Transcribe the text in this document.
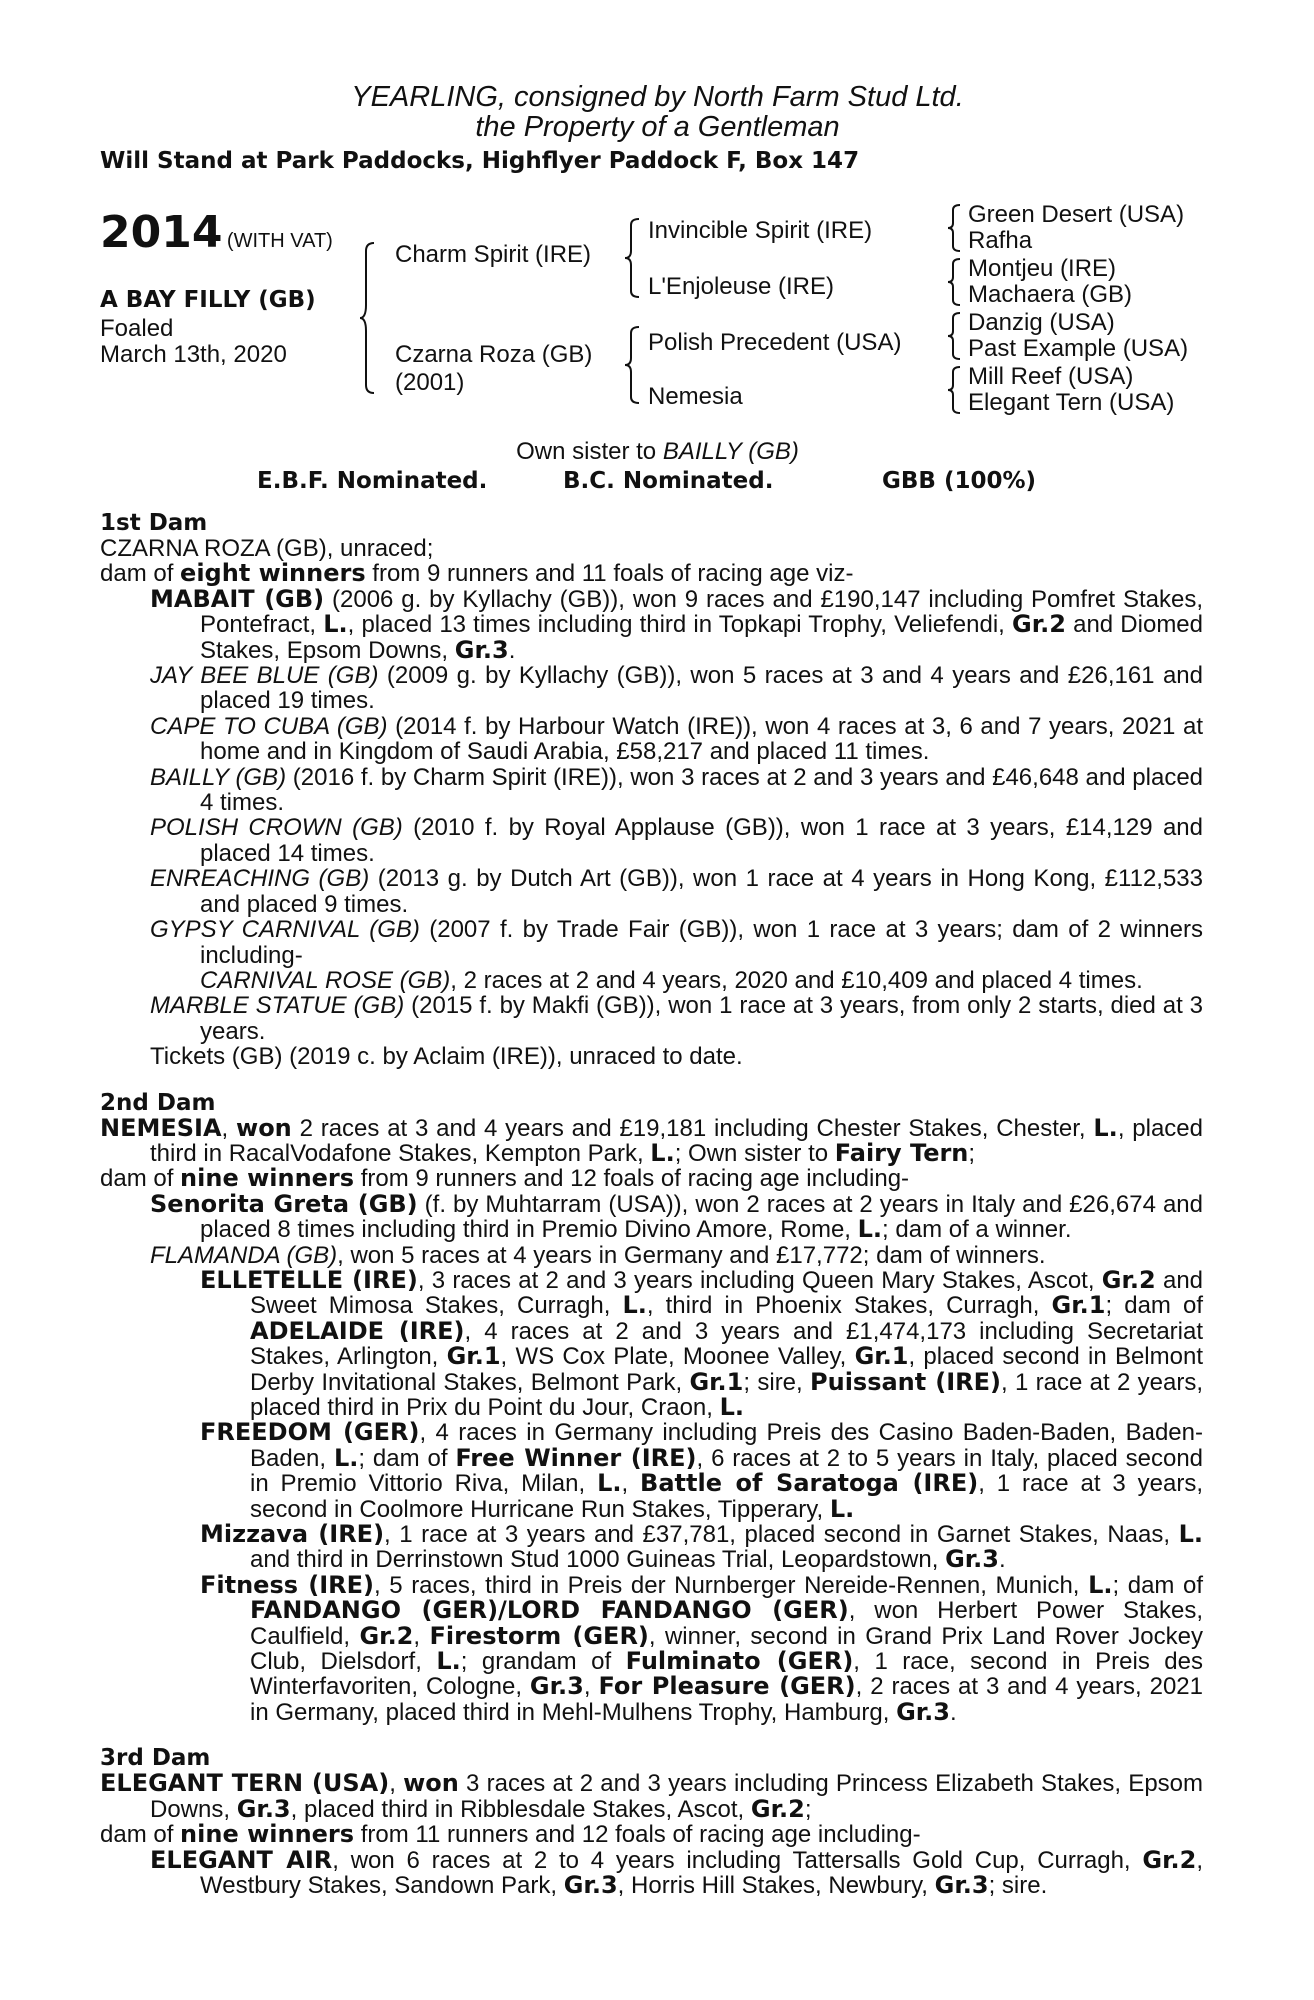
YEARLING, consigned by North Farm Stud Ltd.
the Property of a Gentleman
Will Stand at Park Paddocks, Highflyer Paddock F, Box 147
2014 (WITH VAT)
A BAY FILLY (GB)
Foaled
March 13th, 2020
Charm Spirit (IRE)
Czarna Roza (GB)
(2001)
Invincible Spirit (IRE)
L'Enjoleuse (IRE)
Polish Precedent (USA)
Nemesia
Green Desert (USA)
Rafha
Montjeu (IRE)
Machaera (GB)
Danzig (USA)
Past Example (USA)
Mill Reef (USA)
Elegant Tern (USA)
Own sister to BAILLY (GB)
E.B.F. Nominated.	B.C. Nominated.	GBB (100%)
1st Dam
CZARNA ROZA (GB), unraced;
dam of eight winners from 9 runners and 11 foals of racing age viz-
MABAIT (GB) (2006 g. by Kyllachy (GB)), won 9 races and £190,147 including Pomfret Stakes, Pontefract, L., placed 13 times including third in Topkapi Trophy, Veliefendi, Gr.2 and Diomed Stakes, Epsom Downs, Gr.3.
JAY BEE BLUE (GB) (2009 g. by Kyllachy (GB)), won 5 races at 3 and 4 years and £26,161 and placed 19 times.
CAPE TO CUBA (GB) (2014 f. by Harbour Watch (IRE)), won 4 races at 3, 6 and 7 years, 2021 at home and in Kingdom of Saudi Arabia, £58,217 and placed 11 times.
BAILLY (GB) (2016 f. by Charm Spirit (IRE)), won 3 races at 2 and 3 years and £46,648 and placed 4 times.
POLISH CROWN (GB) (2010 f. by Royal Applause (GB)), won 1 race at 3 years, £14,129 and placed 14 times.
ENREACHING (GB) (2013 g. by Dutch Art (GB)), won 1 race at 4 years in Hong Kong, £112,533 and placed 9 times.
GYPSY CARNIVAL (GB) (2007 f. by Trade Fair (GB)), won 1 race at 3 years; dam of 2 winners including-
CARNIVAL ROSE (GB), 2 races at 2 and 4 years, 2020 and £10,409 and placed 4 times.
MARBLE STATUE (GB) (2015 f. by Makfi (GB)), won 1 race at 3 years, from only 2 starts, died at 3 years.
Tickets (GB) (2019 c. by Aclaim (IRE)), unraced to date.
2nd Dam
NEMESIA, won 2 races at 3 and 4 years and £19,181 including Chester Stakes, Chester, L., placed third in RacalVodafone Stakes, Kempton Park, L.; Own sister to Fairy Tern;
dam of nine winners from 9 runners and 12 foals of racing age including-
Senorita Greta (GB) (f. by Muhtarram (USA)), won 2 races at 2 years in Italy and £26,674 and placed 8 times including third in Premio Divino Amore, Rome, L.; dam of a winner.
FLAMANDA (GB), won 5 races at 4 years in Germany and £17,772; dam of winners.
ELLETELLE (IRE), 3 races at 2 and 3 years including Queen Mary Stakes, Ascot, Gr.2 and Sweet Mimosa Stakes, Curragh, L., third in Phoenix Stakes, Curragh, Gr.1; dam of ADELAIDE (IRE), 4 races at 2 and 3 years and £1,474,173 including Secretariat Stakes, Arlington, Gr.1, WS Cox Plate, Moonee Valley, Gr.1, placed second in Belmont Derby Invitational Stakes, Belmont Park, Gr.1; sire, Puissant (IRE), 1 race at 2 years, placed third in Prix du Point du Jour, Craon, L.
FREEDOM (GER), 4 races in Germany including Preis des Casino Baden-Baden, Baden-Baden, L.; dam of Free Winner (IRE), 6 races at 2 to 5 years in Italy, placed second in Premio Vittorio Riva, Milan, L., Battle of Saratoga (IRE), 1 race at 3 years, second in Coolmore Hurricane Run Stakes, Tipperary, L.
Mizzava (IRE), 1 race at 3 years and £37,781, placed second in Garnet Stakes, Naas, L. and third in Derrinstown Stud 1000 Guineas Trial, Leopardstown, Gr.3.
Fitness (IRE), 5 races, third in Preis der Nurnberger Nereide-Rennen, Munich, L.; dam of FANDANGO (GER)/LORD FANDANGO (GER), won Herbert Power Stakes, Caulfield, Gr.2, Firestorm (GER), winner, second in Grand Prix Land Rover Jockey Club, Dielsdorf, L.; grandam of Fulminato (GER), 1 race, second in Preis des Winterfavoriten, Cologne, Gr.3, For Pleasure (GER), 2 races at 3 and 4 years, 2021 in Germany, placed third in Mehl-Mulhens Trophy, Hamburg, Gr.3.
3rd Dam
ELEGANT TERN (USA), won 3 races at 2 and 3 years including Princess Elizabeth Stakes, Epsom Downs, Gr.3, placed third in Ribblesdale Stakes, Ascot, Gr.2;
dam of nine winners from 11 runners and 12 foals of racing age including-
ELEGANT AIR, won 6 races at 2 to 4 years including Tattersalls Gold Cup, Curragh, Gr.2, Westbury Stakes, Sandown Park, Gr.3, Horris Hill Stakes, Newbury, Gr.3; sire.
